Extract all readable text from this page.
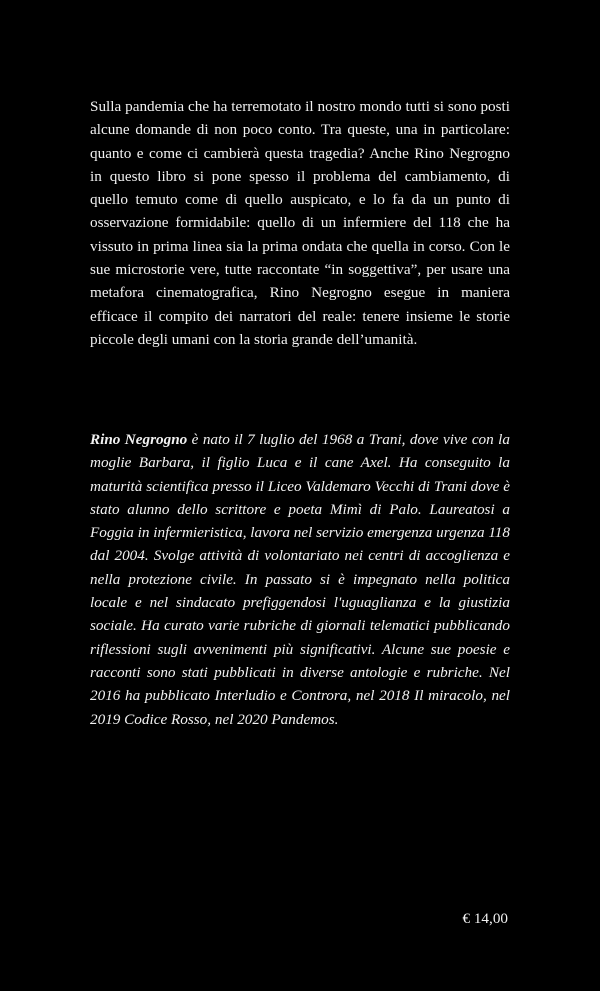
Sulla pandemia che ha terremotato il nostro mondo tutti si sono posti alcune domande di non poco conto. Tra queste, una in particolare: quanto e come ci cambierà questa tragedia? Anche Rino Negrogno in questo libro si pone spesso il problema del cambiamento, di quello temuto come di quello auspicato, e lo fa da un punto di osservazione formidabile: quello di un infermiere del 118 che ha vissuto in prima linea sia la prima ondata che quella in corso. Con le sue microstorie vere, tutte raccontate “in soggettiva”, per usare una metafora cinematografica, Rino Negrogno esegue in maniera efficace il compito dei narratori del reale: tenere insieme le storie piccole degli umani con la storia grande dell’umanità.

Rino Negrogno è nato il 7 luglio del 1968 a Trani, dove vive con la moglie Barbara, il figlio Luca e il cane Axel. Ha conseguito la maturità scientifica presso il Liceo Valdemaro Vecchi di Trani dove è stato alunno dello scrittore e poeta Mimì di Palo. Laureatosi a Foggia in infermieristica, lavora nel servizio emergenza urgenza 118 dal 2004. Svolge attività di volontariato nei centri di accoglienza e nella protezione civile. In passato si è impegnato nella politica locale e nel sindacato prefiggendosi l'uguaglianza e la giustizia sociale. Ha curato varie rubriche di giornali telematici pubblicando riflessioni sugli avvenimenti più significativi. Alcune sue poesie e racconti sono stati pubblicati in diverse antologie e rubriche. Nel 2016 ha pubblicato Interludio e Controra, nel 2018 Il miracolo, nel 2019 Codice Rosso, nel 2020 Pandemos.

€ 14,00
